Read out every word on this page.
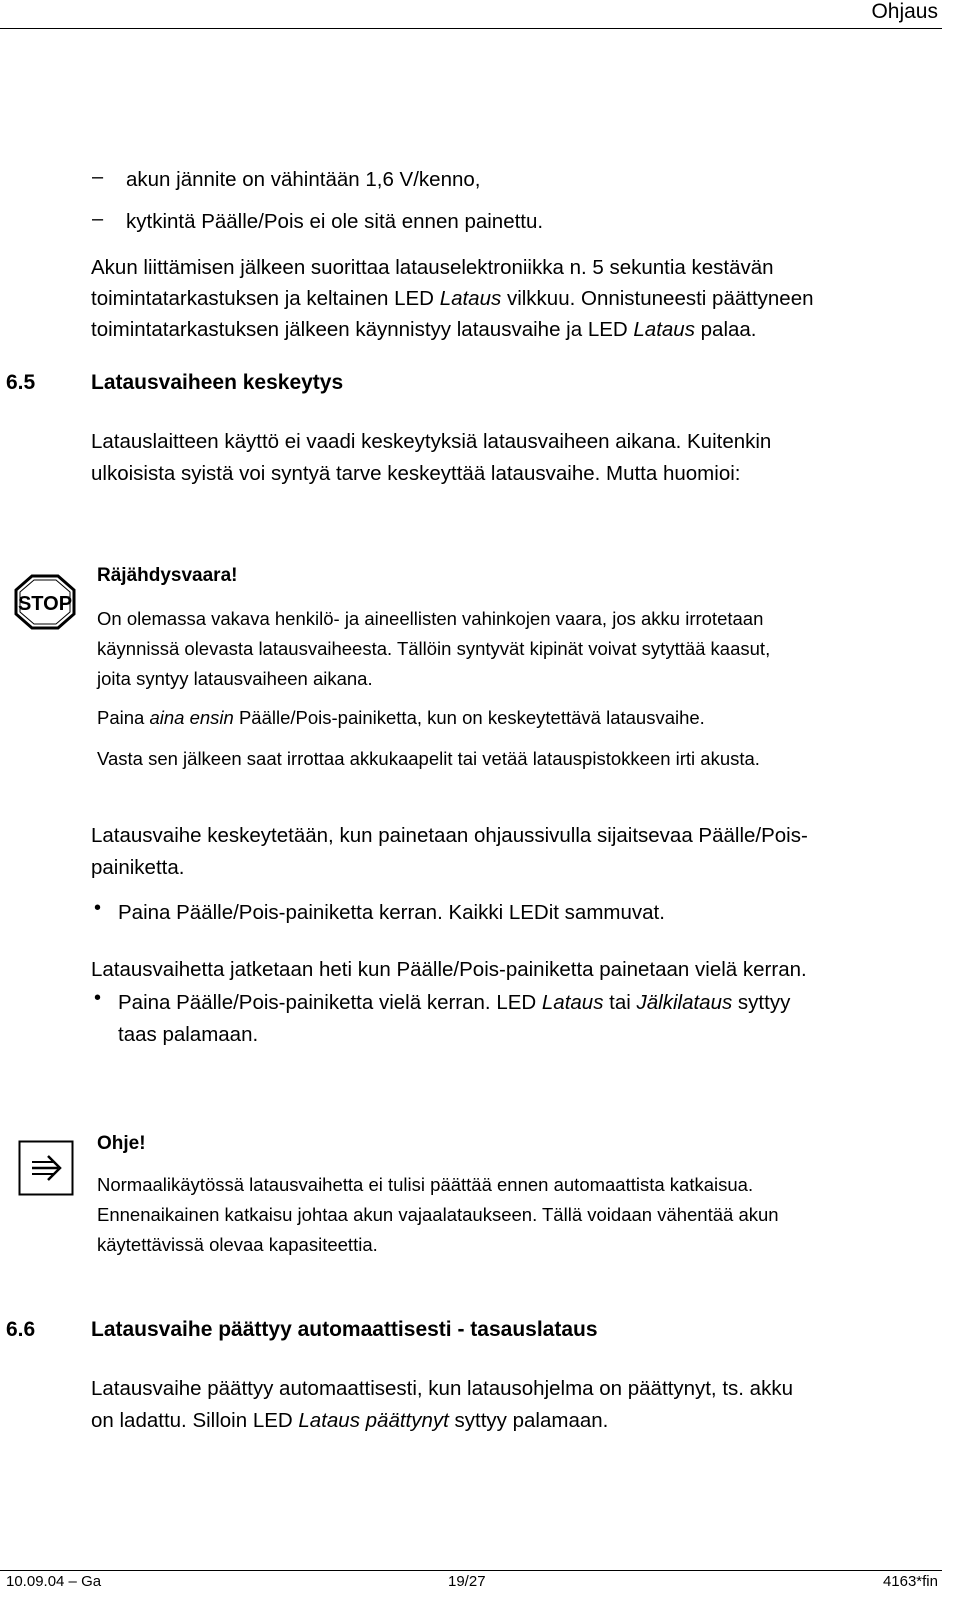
Ohjaus
– akun jännite on vähintään 1,6 V/kenno,
– kytkintä Päälle/Pois ei ole sitä ennen painettu.
Akun liittämisen jälkeen suorittaa latauselektroniikka n. 5 sekuntia kestävän
toimintatarkastuksen ja keltainen LED Lataus vilkkuu. Onnistuneesti päättyneen
toimintatarkastuksen jälkeen käynnistyy latausvaihe ja LED Lataus palaa.
6.5	Latausvaiheen keskeytys
Latauslaitteen käyttö ei vaadi keskeytyksiä latausvaiheen aikana. Kuitenkin
ulkoisista syistä voi syntyä tarve keskeyttää latausvaihe. Mutta huomioi:
STOP
Räjähdysvaara!
On olemassa vakava henkilö- ja aineellisten vahinkojen vaara, jos akku irrotetaan
käynnissä olevasta latausvaiheesta. Tällöin syntyvät kipinät voivat sytyttää kaasut,
joita syntyy latausvaiheen aikana.
Paina aina ensin Päälle/Pois-painiketta, kun on keskeytettävä latausvaihe.
Vasta sen jälkeen saat irrottaa akkukaapelit tai vetää latauspistokkeen irti akusta.
Latausvaihe keskeytetään, kun painetaan ohjaussivulla sijaitsevaa Päälle/Pois-
painiketta.
• Paina Päälle/Pois-painiketta kerran. Kaikki LEDit sammuvat.
Latausvaihetta jatketaan heti kun Päälle/Pois-painiketta painetaan vielä kerran.
• Paina Päälle/Pois-painiketta vielä kerran. LED Lataus tai Jälkilataus syttyy
taas palamaan.
Ohje!
Normaalikäytössä latausvaihetta ei tulisi päättää ennen automaattista katkaisua.
Ennenaikainen katkaisu johtaa akun vajaalataukseen. Tällä voidaan vähentää akun
käytettävissä olevaa kapasiteettia.
6.6	Latausvaihe päättyy automaattisesti - tasauslataus
Latausvaihe päättyy automaattisesti, kun latausohjelma on päättynyt, ts. akku
on ladattu. Silloin LED Lataus päättynyt syttyy palamaan.
10.09.04 – Ga	19/27	4163*fin
